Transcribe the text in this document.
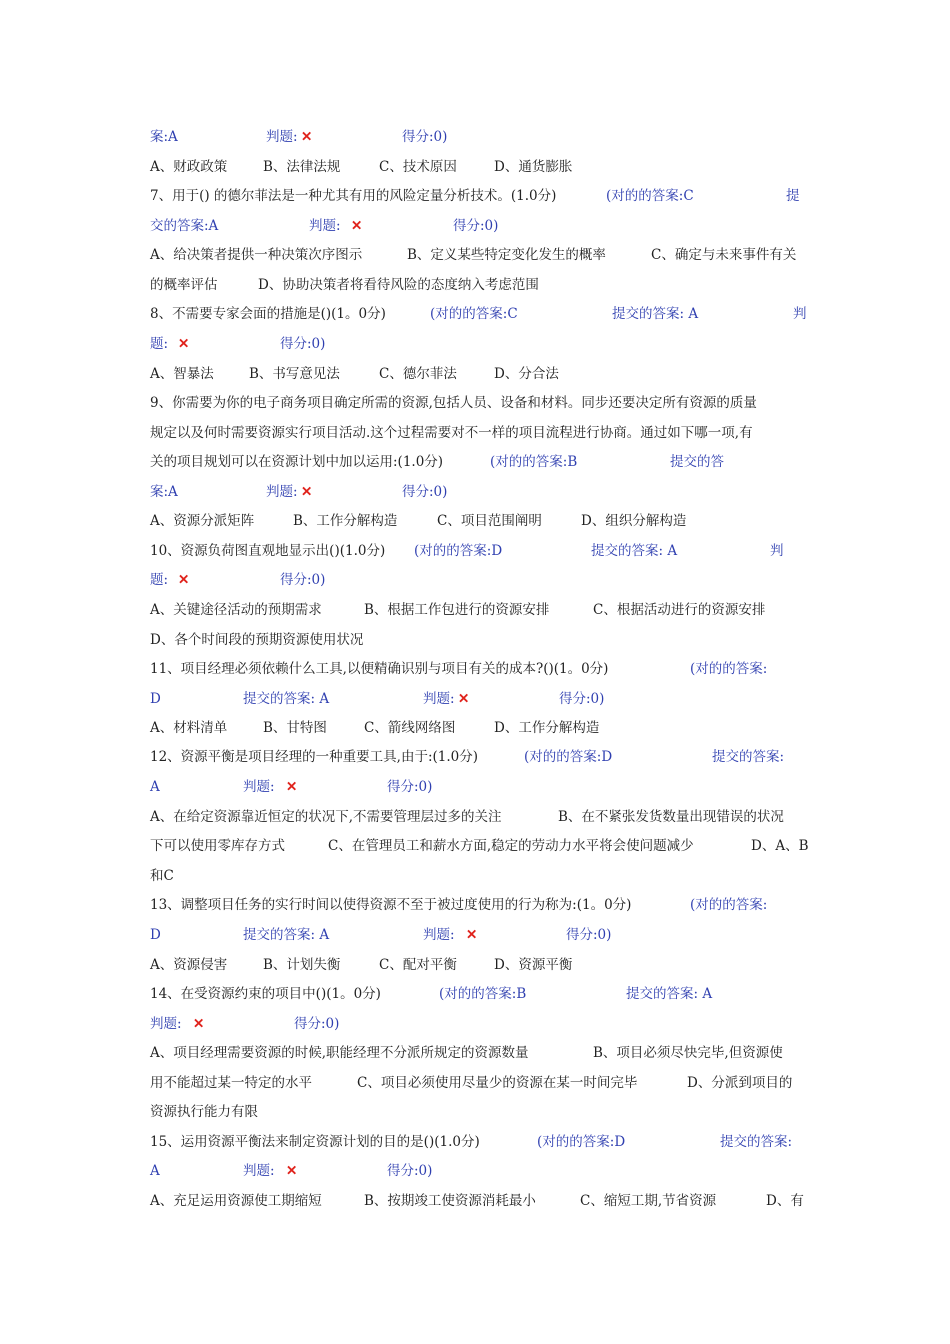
案:A	判题: ✕	得分:0)
A、财政政策	B、法律法规	C、技术原因	D、通货膨胀
7、用于() 的德尔菲法是一种尤其有用的风险定量分析技术。(1.0分)	(对的的答案:C	提
交的答案:A	判题: ✕	得分:0)
A、给决策者提供一种决策次序图示	B、定义某些特定变化发生的概率	C、确定与未来事件有关
的概率评估	D、协助决策者将看待风险的态度纳入考虑范围
8、不需要专家会面的措施是()(1。0分)	(对的的答案:C	提交的答案: A	判
题: ✕	得分:0)
A、智暴法	B、书写意见法	C、德尔菲法	D、分合法
9、你需要为你的电子商务项目确定所需的资源,包括人员、设备和材料。同步还要决定所有资源的质量
规定以及何时需要资源实行项目活动.这个过程需要对不一样的项目流程进行协商。通过如下哪一项,有
关的项目规划可以在资源计划中加以运用:(1.0分)	(对的的答案:B	提交的答
案:A	判题: ✕	得分:0)
A、资源分派矩阵	B、工作分解构造	C、项目范围阐明	D、组织分解构造
10、资源负荷图直观地显示出()(1.0分) (对的的答案:D	提交的答案: A	判
题: ✕	得分:0)
A、关键途径活动的预期需求	B、根据工作包进行的资源安排	C、根据活动进行的资源安排
D、各个时间段的预期资源使用状况
11、项目经理必须依赖什么工具,以便精确识别与项目有关的成本?()(1。0分)	(对的的答案:
D	提交的答案: A	判题: ✕	得分:0)
A、材料清单	B、甘特图	C、箭线网络图	D、工作分解构造
12、资源平衡是项目经理的一种重要工具,由于:(1.0分)	(对的的答案:D	提交的答案:
A	判题: ✕	得分:0)
A、在给定资源靠近恒定的状况下,不需要管理层过多的关注	B、在不紧张发货数量出现错误的状况
下可以使用零库存方式	C、在管理员工和薪水方面,稳定的劳动力水平将会使问题减少	D、A、B
和C
13、调整项目任务的实行时间以使得资源不至于被过度使用的行为称为:(1。0分)	(对的的答案:
D	提交的答案: A	判题: ✕	得分:0)
A、资源侵害	B、计划失衡	C、配对平衡	D、资源平衡
14、在受资源约束的项目中()(1。0分)	(对的的答案:B	提交的答案: A
判题: ✕	得分:0)
A、项目经理需要资源的时候,职能经理不分派所规定的资源数量	B、项目必须尽快完毕,但资源使
用不能超过某一特定的水平	C、项目必须使用尽量少的资源在某一时间完毕	D、分派到项目的
资源执行能力有限
15、运用资源平衡法来制定资源计划的目的是()(1.0分)	(对的的答案:D	提交的答案:
A	判题: ✕	得分:0)
A、充足运用资源使工期缩短	B、按期竣工使资源消耗最小	C、缩短工期,节省资源	D、有
